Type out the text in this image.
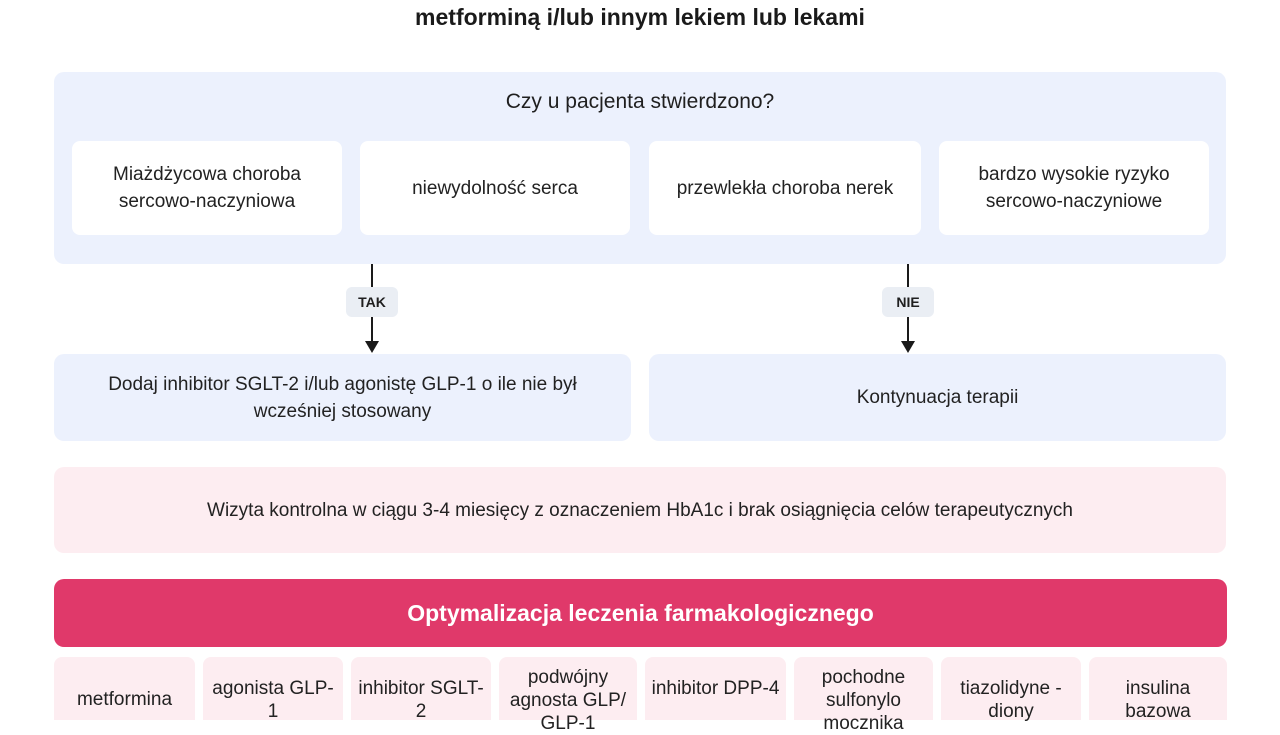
metforminą i/lub innym lekiem lub lekami
Czy u pacjenta stwierdzono?
Miażdżycowa choroba sercowo-naczyniowa
niewydolność serca	przewlekła choroba nerek
bardzo wysokie ryzyko sercowo-naczyniowe
TAK	NIE
Dodaj inhibitor SGLT-2 i/lub agonistę GLP-1 o ile nie był wcześniej stosowany
Kontynuacja terapii
Wizyta kontrolna w ciągu 3-4 miesięcy z oznaczeniem HbA1c i brak osiągnięcia celów terapeutycznych
Optymalizacja leczenia farmakologicznego
metformina
agonista GLP-1
inhibitor SGLT-2
podwójny agnosta GLP/ GLP-1
inhibitor DPP-4
pochodne sulfonylo mocznika
tiazolidyne -diony
insulina bazowa
